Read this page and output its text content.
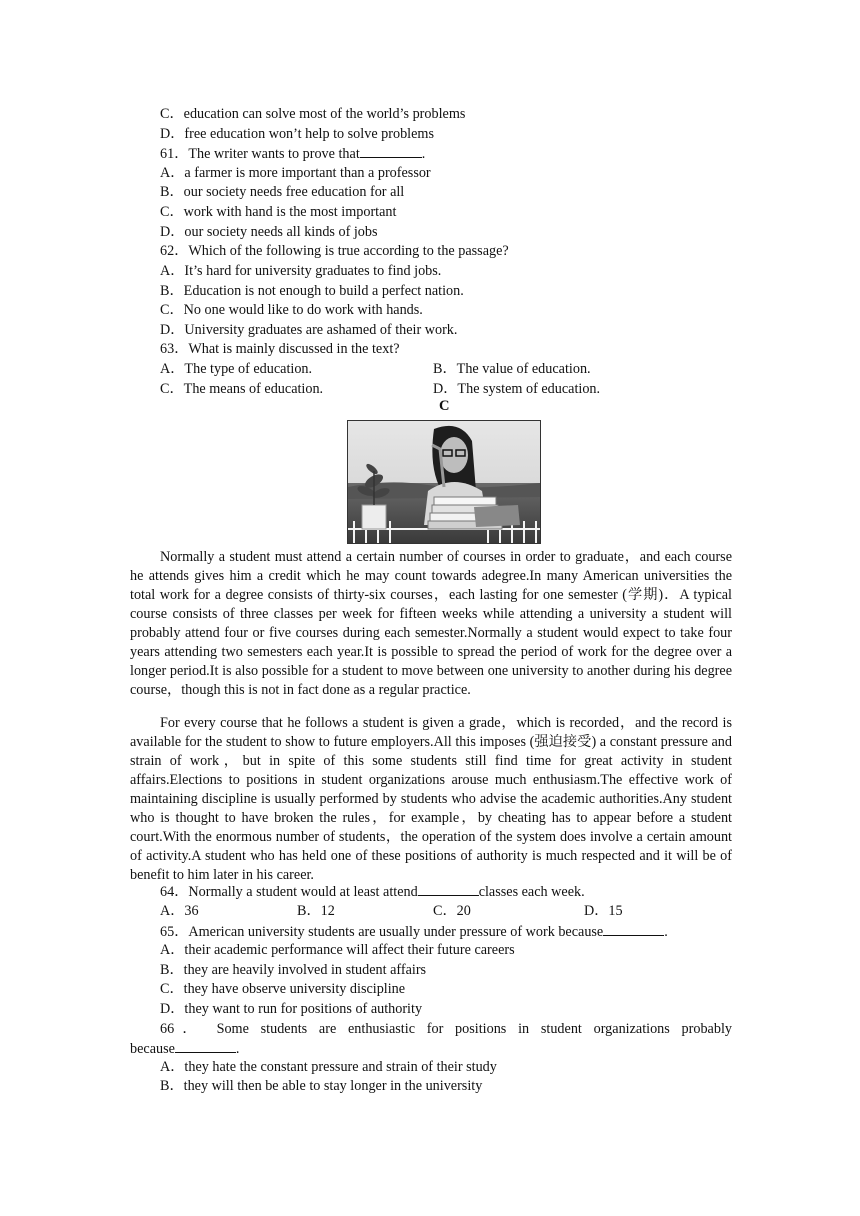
C．education can solve most of the world’s problems
D．free education won’t help to solve problems
61．The writer wants to prove that	.
A．a farmer is more important than a professor
B．our society needs free education for all
C．work with hand is the most important
D．our society needs all kinds of jobs
62．Which of the following is true according to the passage?
A．It’s hard for university graduates to find jobs.
B．Education is not enough to build a perfect nation.
C．No one would like to do work with hands.
D．University graduates are ashamed of their work.
63．What is mainly discussed in the text?
A．The type of education.	B．The value of education.
C．The means of education.	D．The system of education.
C
Normally a student must attend a certain number of courses in order to graduate，and each course he attends gives him a credit which he may count towards adegree.In many American universities the total work for a degree consists of thirty-six courses，each lasting for one semester (学期)．A typical course consists of three classes per week for fifteen weeks while attending a university a student will probably attend four or five courses during each semester.Normally a student would expect to take four years attending two semesters each year.It is possible to spread the period of work for the degree over a longer period.It is also possible for a student to move between one university to another during his degree course，though this is not in fact done as a regular practice.
For every course that he follows a student is given a grade，which is recorded，and the record is available for the student to show to future employers.All this imposes (强迫接受) a constant pressure and strain of work，but in spite of this some students still find time for great activity in student affairs.Elections to positions in student organizations arouse much enthusiasm.The effective work of maintaining discipline is usually performed by students who advise the academic authorities.Any student who is thought to have broken the rules，for example，by cheating has to appear before a student court.With the enormous number of students，the operation of the system does involve a certain amount of activity.A student who has held one of these positions of authority is much respected and it will be of benefit to him later in his career.
64．Normally a student would at least attend	classes each week.
A．36	B．12	C．20	D．15
65．American university students are usually under pressure of work because	.
A．their academic performance will affect their future careers
B．they are heavily involved in student affairs
C．they have observe university discipline
D．they want to run for positions of authority
66． Some students are enthusiastic for positions in student organizations probably
because	.
A．they hate the constant pressure and strain of their study
B．they will then be able to stay longer in the university
